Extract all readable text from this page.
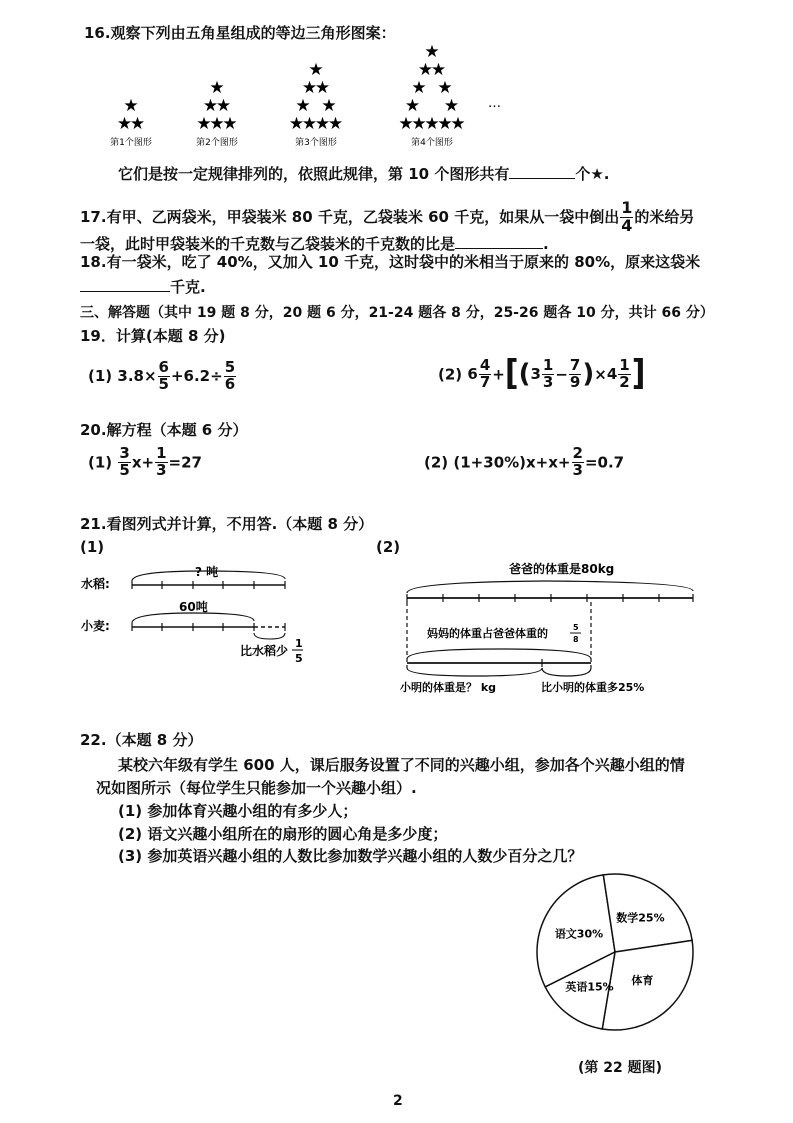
16.观察下列由五角星组成的等边三角形图案：
★
★
★
★
★
★
★
★
★
★
★
★
★ ★
★
★
★
★
★
★
★
★ ★
★ ★
★
★
★
★
★
第1个图形	第2个图形	第3个图形	第4个图形
…
它们是按一定规律排列的，依照此规律，第 10 个图形共有	个★.
17.有甲、乙两袋米，甲袋装米 80 千克，乙袋装米 60 千克，如果从一袋中倒出 $\frac{1}{4}$ 的米给另
一袋，此时甲袋装米的千克数与乙袋装米的千克数的比是	.
18.有一袋米，吃了 40%，又加入 10 千克，这时袋中的米相当于原来的 80%，原来这袋米
千克.
三、解答题（其中 19 题 8 分，20 题 6 分，21-24 题各 8 分，25-26 题各 10 分，共计 66 分）
19．计算(本题 8 分)
(1) $3.8\times \frac{6}{5} +6.2\div \frac{5}{6}$	(2) $6 \frac{4}{7}$ +[( $3 \frac{1}{3} - \frac{7}{9}$ )× $4 \frac{1}{2}$ ]
20.解方程（本题 6 分）
$(1) \frac{3}{5} x+ \frac{1}{3} =27$	(2) $(1+30\%)x+x+ \frac{2}{3} =0.7$
21.看图列式并计算，不用答.（本题 8 分）
(1)	(2)
水稻:
? 吨
60吨
小麦:
比水稻少
1
5
爸爸的体重是80kg
妈妈的体重占爸爸体重的	5
8
小明的体重是？ kg	比小明的体重多25%
22.（本题 8 分）
某校六年级有学生 600 人，课后服务设置了不同的兴趣小组，参加各个兴趣小组的情
况如图所示（每位学生只能参加一个兴趣小组）.
(1) 参加体育兴趣小组的有多少人；
(2) 语文兴趣小组所在的扇形的圆心角是多少度；
(3) 参加英语兴趣小组的人数比参加数学兴趣小组的人数少百分之几？
语文30%
数学25%
体育
英语15%
(第 22 题图)
2
